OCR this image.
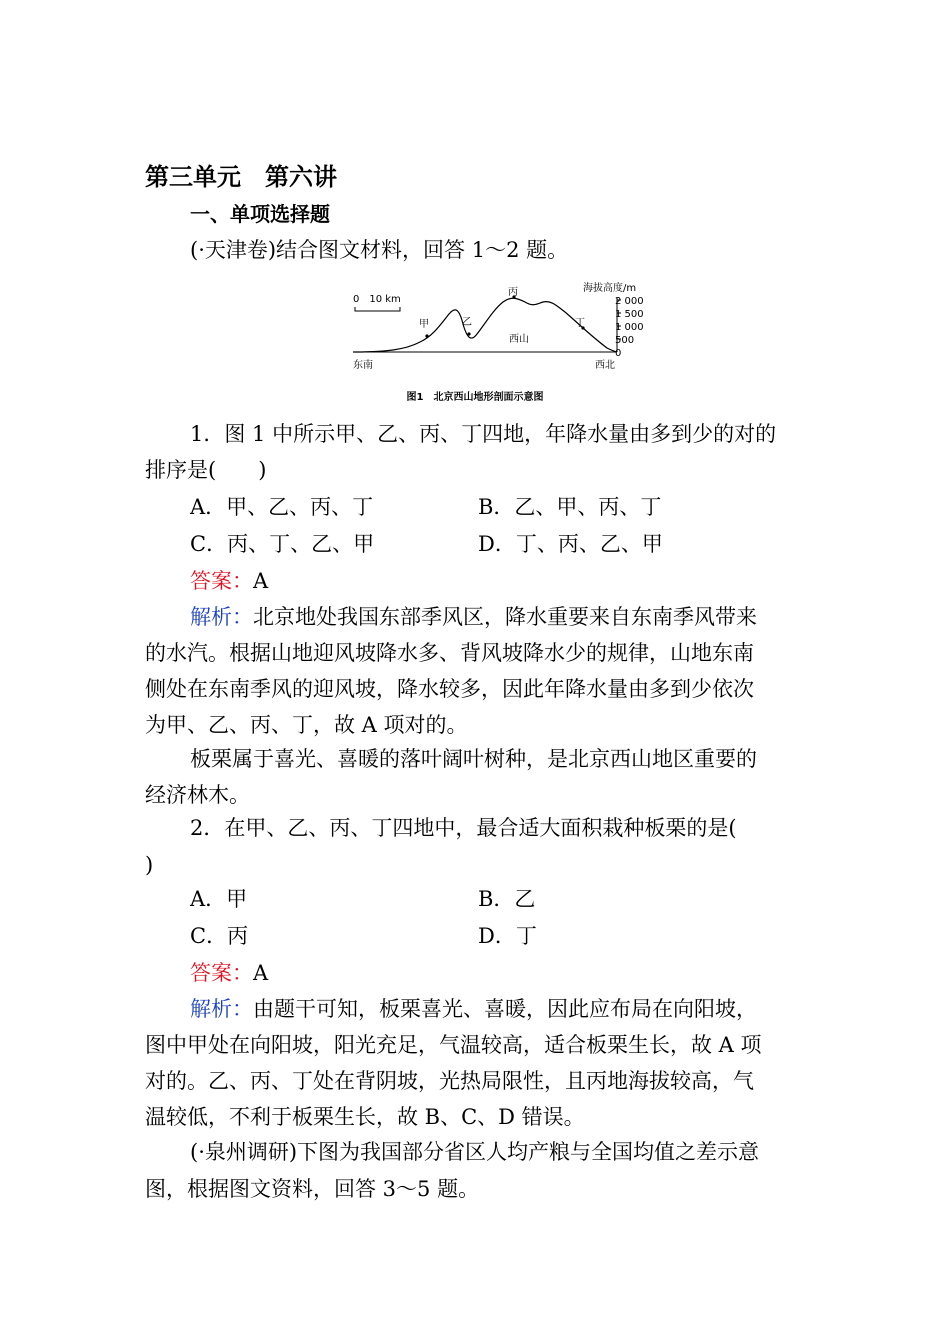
第三单元　第六讲
一、单项选择题
(·天津卷)结合图文材料，回答 1～2 题。
0　10 km
甲	乙
丙
丁
西山
东南	西北
海拔高度/m
2 000
1 500
1 000
500
0
图1　北京西山地形剖面示意图
1．图 1 中所示甲、乙、丙、丁四地，年降水量由多到少的对的
排序是(　　)
A．甲、乙、丙、丁	B．乙、甲、丙、丁
C．丙、丁、乙、甲	D．丁、丙、乙、甲
答案：A
解析：北京地处我国东部季风区，降水重要来自东南季风带来
的水汽。根据山地迎风坡降水多、背风坡降水少的规律，山地东南
侧处在东南季风的迎风坡，降水较多，因此年降水量由多到少依次
为甲、乙、丙、丁，故 A 项对的。
板栗属于喜光、喜暖的落叶阔叶树种，是北京西山地区重要的
经济林木。
2．在甲、乙、丙、丁四地中，最合适大面积栽种板栗的是(
)
A．甲	B．乙
C．丙	D．丁
答案：A
解析：由题干可知，板栗喜光、喜暖，因此应布局在向阳坡，
图中甲处在向阳坡，阳光充足，气温较高，适合板栗生长，故 A 项
对的。乙、丙、丁处在背阴坡，光热局限性，且丙地海拔较高，气
温较低，不利于板栗生长，故 B、C、D 错误。
(·泉州调研)下图为我国部分省区人均产粮与全国均值之差示意
图，根据图文资料，回答 3～5 题。
